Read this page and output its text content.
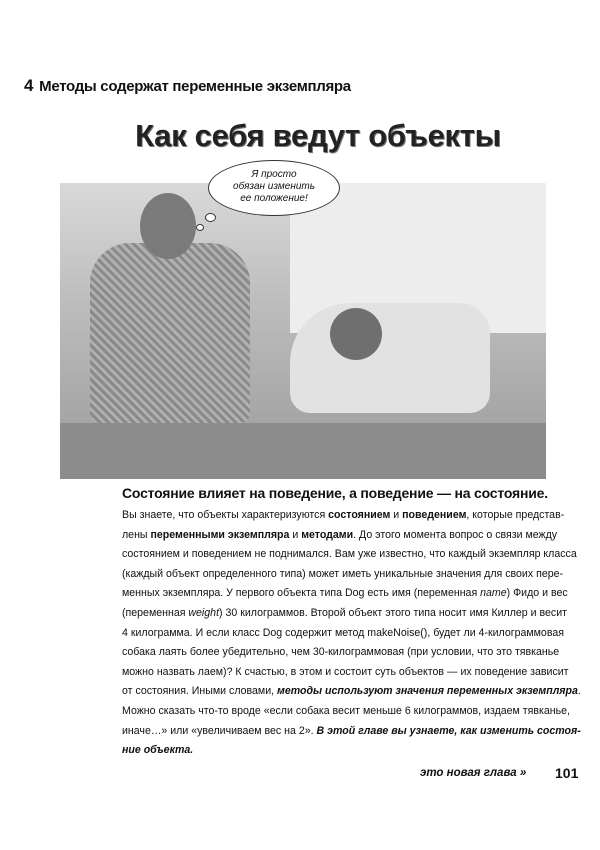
4 Методы содержат переменные экземпляра
Как себя ведут объекты
Я просто
обязан изменить
ее положение!
Состояние влияет на поведение, а поведение — на состояние.
Вы знаете, что объекты характеризуются состоянием и поведением, которые представ-
лены переменными экземпляра и методами. До этого момента вопрос о связи между
состоянием и поведением не поднимался. Вам уже известно, что каждый экземпляр класса
(каждый объект определенного типа) может иметь уникальные значения для своих пере-
менных экземпляра. У первого объекта типа Dog есть имя (переменная name) Фидо и вес
(переменная weight) 30 килограммов. Второй объект этого типа носит имя Киллер и весит
4 килограмма. И если класс Dog содержит метод makeNoise(), будет ли 4-килограммовая
собака лаять более убедительно, чем 30-килограммовая (при условии, что это тявканье
можно назвать лаем)? К счастью, в этом и состоит суть объектов — их поведение зависит
от состояния. Иными словами, методы используют значения переменных экземпляра.
Можно сказать что-то вроде «если собака весит меньше 6 килограммов, издаем тявканье,
иначе…» или «увеличиваем вес на 2». В этой главе вы узнаете, как изменить состоя-
ние объекта.
это новая глава » 101
